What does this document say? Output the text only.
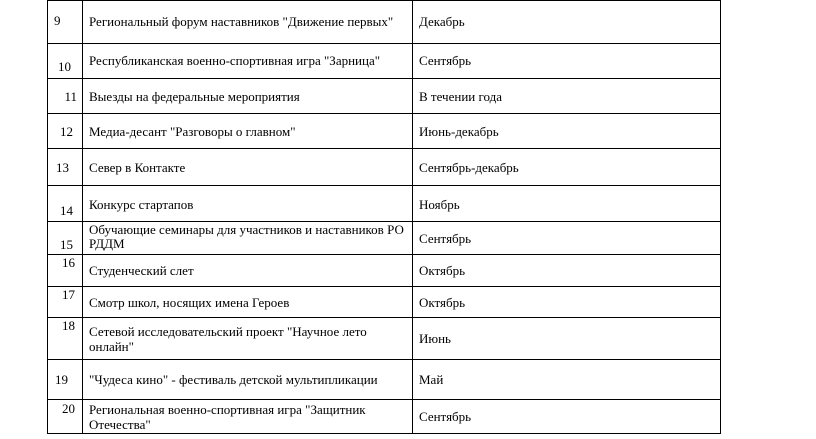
9	Региональный форум наставников "Движение первых"	Декабрь
10	Республиканская военно-спортивная игра "Зарница"	Сентябрь
11	Выезды на федеральные мероприятия	В течении года
12	Медиа-десант "Разговоры о главном"	Июнь-декабрь
13	Север в Контакте	Сентябрь-декабрь
14	Конкурс стартапов	Ноябрь
15	Обучающие семинары для участников и наставников РО РДДМ	Сентябрь
16	Студенческий слет	Октябрь
17	Смотр школ, носящих имена Героев	Октябрь
18	Сетевой исследовательский проект "Научное лето онлайн"	Июнь
19	"Чудеса кино" - фестиваль детской мультипликации	Май
20	Региональная военно-спортивная игра "Защитник Отечества"	Сентябрь
